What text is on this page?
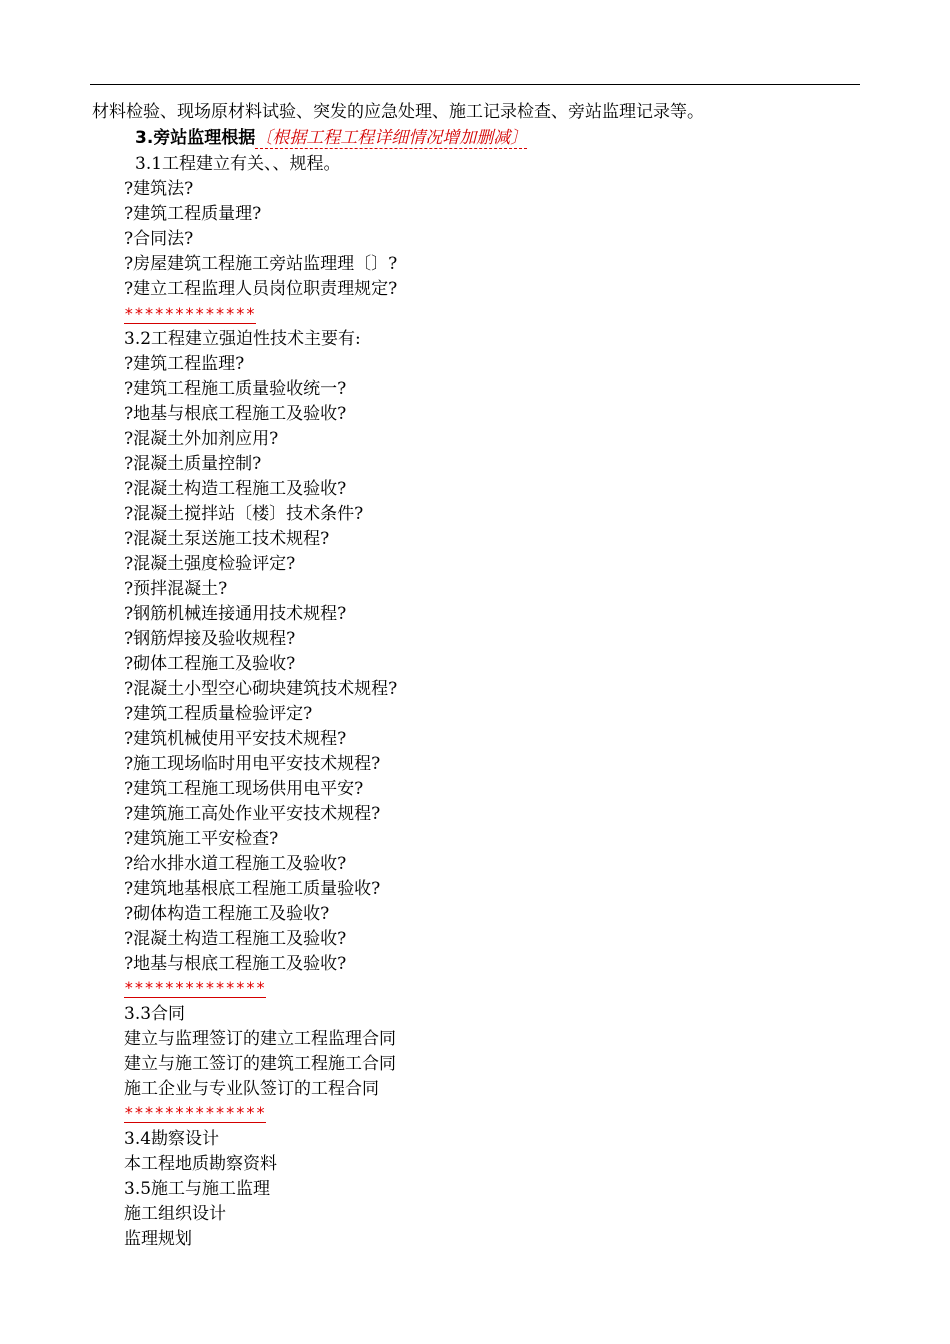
材料检验、现场原材料试验、突发的应急处理、施工记录检查、旁站监理记录等。
3.旁站监理根据〔根据工程工程详细情况增加删减〕
3.1工程建立有关、、规程。
?建筑法?
?建筑工程质量理?
?合同法?
?房屋建筑工程施工旁站监理理〔〕?
?建立工程监理人员岗位职责理规定?
*************
3.2工程建立强迫性技术主要有:
?建筑工程监理?
?建筑工程施工质量验收统一?
?地基与根底工程施工及验收?
?混凝土外加剂应用?
?混凝土质量控制?
?混凝土构造工程施工及验收?
?混凝土搅拌站〔楼〕技术条件?
?混凝土泵送施工技术规程?
?混凝土强度检验评定?
?预拌混凝土?
?钢筋机械连接通用技术规程?
?钢筋焊接及验收规程?
?砌体工程施工及验收?
?混凝土小型空心砌块建筑技术规程?
?建筑工程质量检验评定?
?建筑机械使用平安技术规程?
?施工现场临时用电平安技术规程?
?建筑工程施工现场供用电平安?
?建筑施工高处作业平安技术规程?
?建筑施工平安检查?
?给水排水道工程施工及验收?
?建筑地基根底工程施工质量验收?
?砌体构造工程施工及验收?
?混凝土构造工程施工及验收?
?地基与根底工程施工及验收?
**************
3.3合同
建立与监理签订的建立工程监理合同
建立与施工签订的建筑工程施工合同
施工企业与专业队签订的工程合同
**************
3.4勘察设计
本工程地质勘察资料
3.5施工与施工监理
施工组织设计
监理规划
